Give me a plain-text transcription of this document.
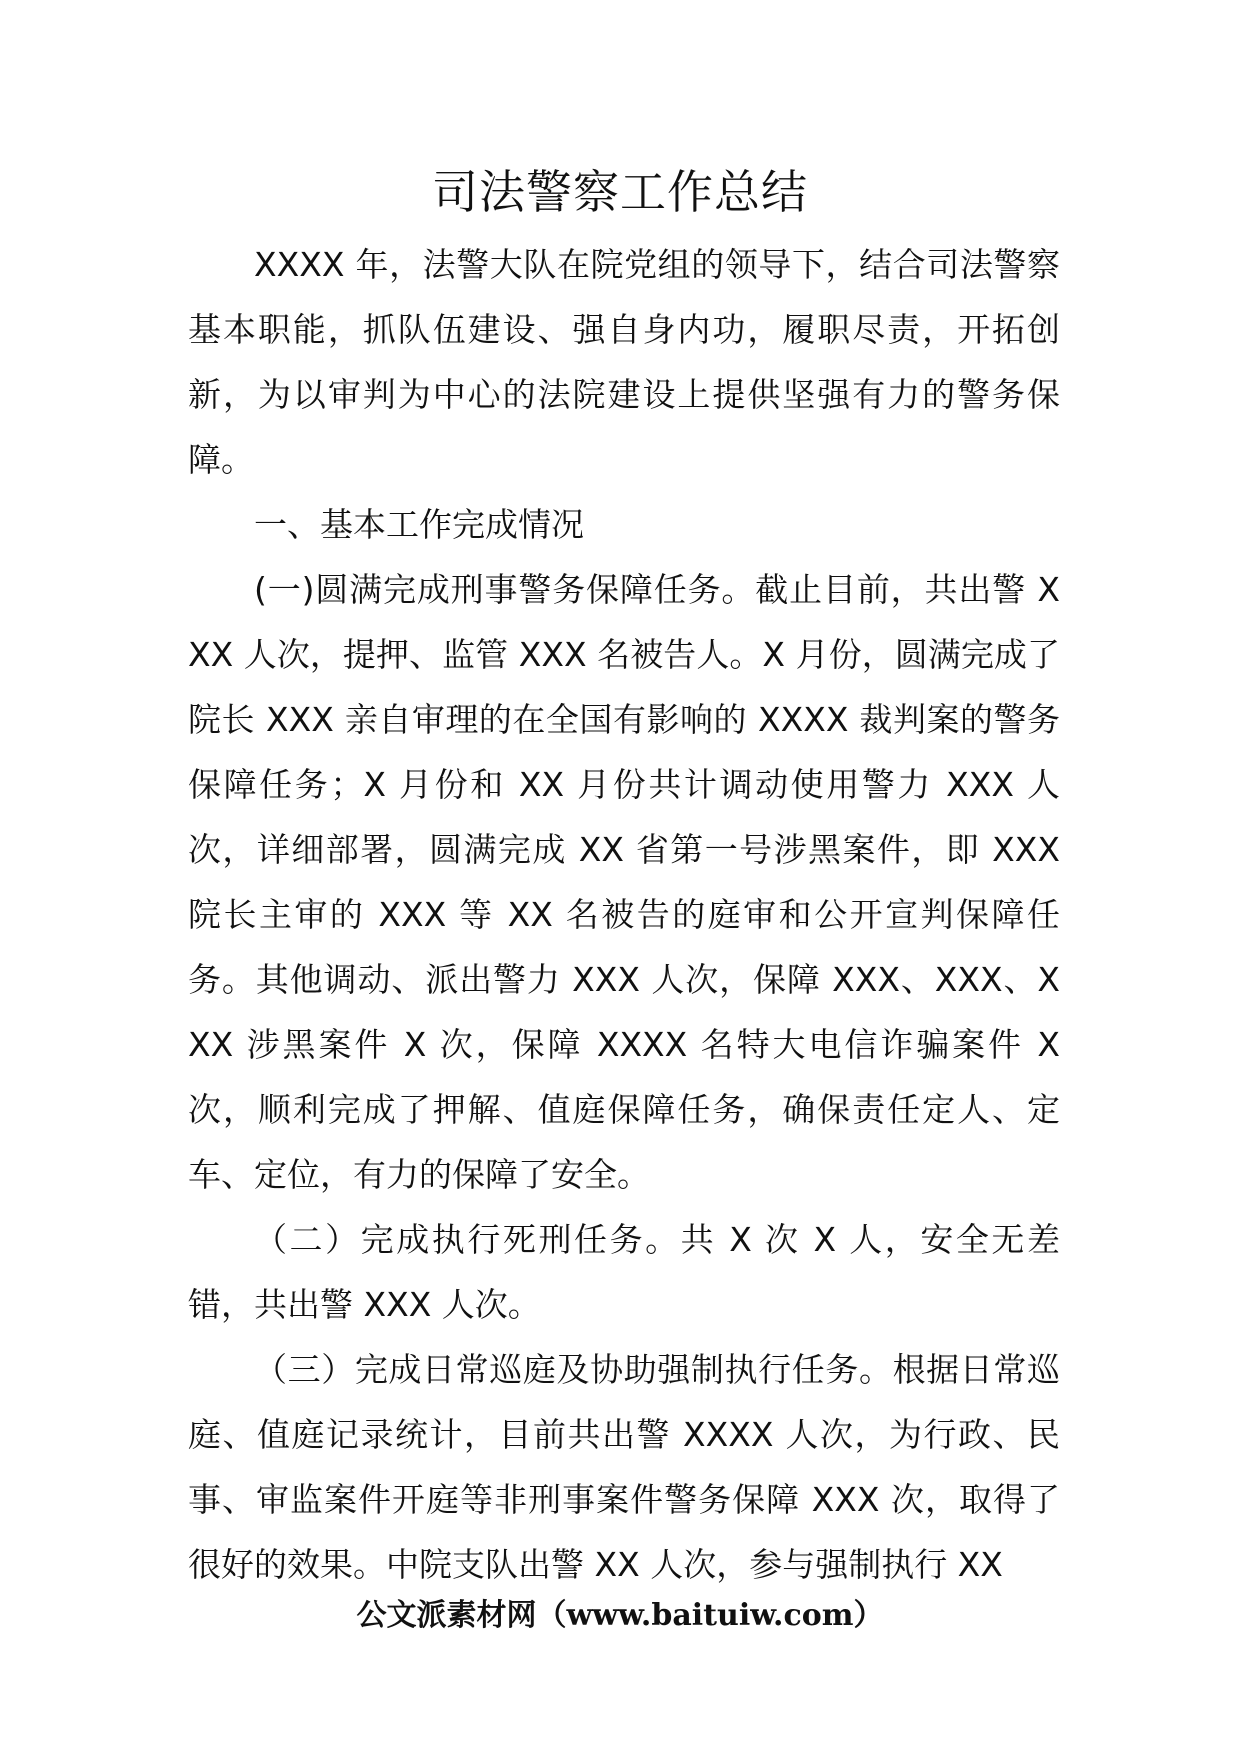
司法警察工作总结

XXXX 年，法警大队在院党组的领导下，结合司法警察基本职能，抓队伍建设、强自身内功，履职尽责，开拓创新，为以审判为中心的法院建设上提供坚强有力的警务保障。

一、基本工作完成情况

(一)圆满完成刑事警务保障任务。截止目前，共出警 XXX 人次，提押、监管 XXX 名被告人。X 月份，圆满完成了院长 XXX 亲自审理的在全国有影响的 XXXX 裁判案的警务保障任务；X 月份和 XX 月份共计调动使用警力 XXX 人次，详细部署，圆满完成 XX 省第一号涉黑案件，即 XXX 院长主审的 XXX 等 XX 名被告的庭审和公开宣判保障任务。其他调动、派出警力 XXX 人次，保障 XXX、XXX、XXX 涉黑案件 X 次，保障 XXXX 名特大电信诈骗案件 X 次，顺利完成了押解、值庭保障任务，确保责任定人、定车、定位，有力的保障了安全。

（二）完成执行死刑任务。共 X 次 X 人，安全无差错，共出警 XXX 人次。

（三）完成日常巡庭及协助强制执行任务。根据日常巡庭、值庭记录统计，目前共出警 XXXX 人次，为行政、民事、审监案件开庭等非刑事案件警务保障 XXX 次，取得了很好的效果。中院支队出警 XX 人次，参与强制执行 XX

公文派素材网（www.baituiw.com）
